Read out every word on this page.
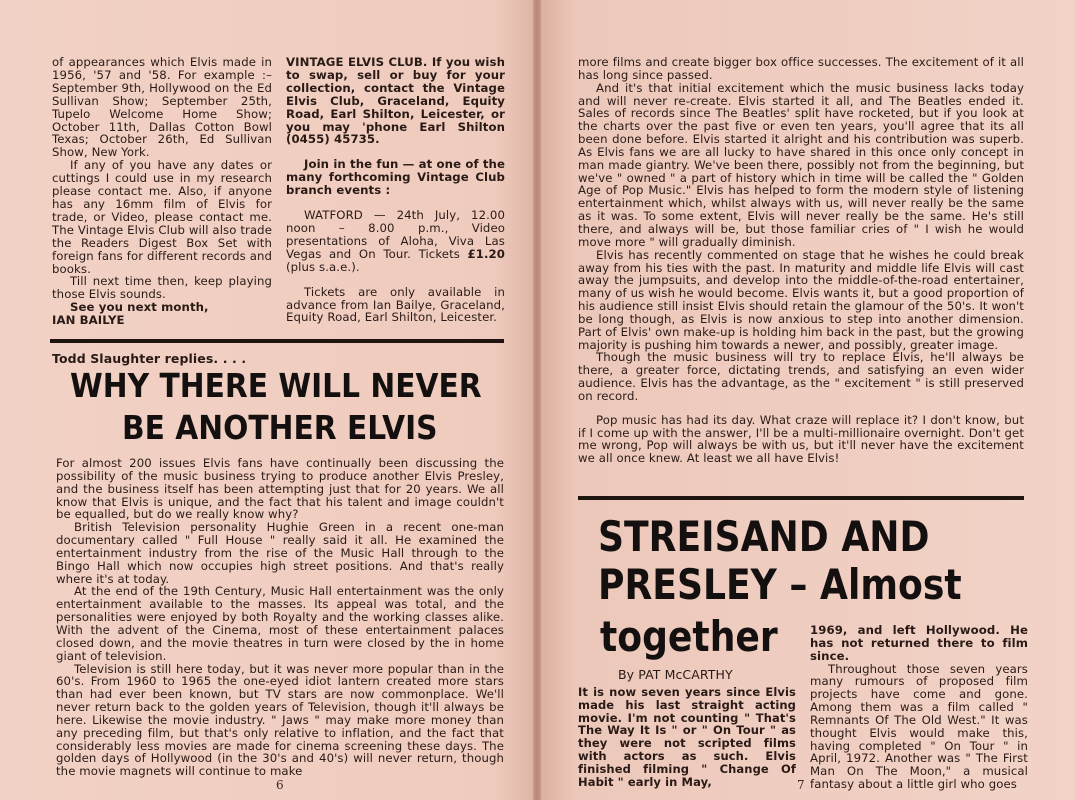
of appearances which Elvis made in 1956, '57 and '58. For example :– September 9th, Hollywood on the Ed Sullivan Show; September 25th, Tupelo Welcome Home Show; October 11th, Dallas Cotton Bowl Texas; October 26th, Ed Sullivan Show, New York.

If any of you have any dates or cuttings I could use in my research please contact me. Also, if anyone has any 16mm film of Elvis for trade, or Video, please contact me. The Vintage Elvis Club will also trade the Readers Digest Box Set with foreign fans for different records and books.

Till next time then, keep playing those Elvis sounds.

See you next month,

IAN BAILYE

VINTAGE ELVIS CLUB. If you wish to swap, sell or buy for your collection, contact the Vintage Elvis Club, Graceland, Equity Road, Earl Shilton, Leicester, or you may 'phone Earl Shilton (0455) 45735.

Join in the fun — at one of the many forthcoming Vintage Club branch events :

WATFORD — 24th July, 12.00 noon – 8.00 p.m., Video presentations of Aloha, Viva Las Vegas and On Tour. Tickets £1.20 (plus s.a.e.).

Tickets are only available in advance from Ian Bailye, Graceland, Equity Road, Earl Shilton, Leicester.

Todd Slaughter replies. . . .
WHY THERE WILL NEVER
BE ANOTHER ELVIS

For almost 200 issues Elvis fans have continually been discussing the possibility of the music business trying to produce another Elvis Presley, and the business itself has been attempting just that for 20 years. We all know that Elvis is unique, and the fact that his talent and image couldn't be equalled, but do we really know why?

British Television personality Hughie Green in a recent one-man documentary called " Full House " really said it all. He examined the entertainment industry from the rise of the Music Hall through to the Bingo Hall which now occupies high street positions. And that's really where it's at today.

At the end of the 19th Century, Music Hall entertainment was the only entertainment available to the masses. Its appeal was total, and the personalities were enjoyed by both Royalty and the working classes alike. With the advent of the Cinema, most of these entertainment palaces closed down, and the movie theatres in turn were closed by the in home giant of television.

Television is still here today, but it was never more popular than in the 60's. From 1960 to 1965 the one-eyed idiot lantern created more stars than had ever been known, but TV stars are now commonplace. We'll never return back to the golden years of Television, though it'll always be here. Likewise the movie industry. " Jaws " may make more money than any preceding film, but that's only relative to inflation, and the fact that considerably less movies are made for cinema screening these days. The golden days of Hollywood (in the 30's and 40's) will never return, though the movie magnets will continue to make

6

more films and create bigger box office successes. The excitement of it all has long since passed.

And it's that initial excitement which the music business lacks today and will never re-create. Elvis started it all, and The Beatles ended it. Sales of records since The Beatles' split have rocketed, but if you look at the charts over the past five or even ten years, you'll agree that its all been done before. Elvis started it alright and his contribution was superb. As Elvis fans we are all lucky to have shared in this once only concept in man made giantry. We've been there, possibly not from the beginning, but we've " owned " a part of history which in time will be called the " Golden Age of Pop Music." Elvis has helped to form the modern style of listening entertainment which, whilst always with us, will never really be the same as it was. To some extent, Elvis will never really be the same. He's still there, and always will be, but those familiar cries of " I wish he would move more " will gradually diminish.

Elvis has recently commented on stage that he wishes he could break away from his ties with the past. In maturity and middle life Elvis will cast away the jumpsuits, and develop into the middle-of-the-road entertainer, many of us wish he would become. Elvis wants it, but a good proportion of his audience still insist Elvis should retain the glamour of the 50's. It won't be long though, as Elvis is now anxious to step into another dimension. Part of Elvis' own make-up is holding him back in the past, but the growing majority is pushing him towards a newer, and possibly, greater image.

Though the music business will try to replace Elvis, he'll always be there, a greater force, dictating trends, and satisfying an even wider audience. Elvis has the advantage, as the " excitement " is still preserved on record.

Pop music has had its day. What craze will replace it? I don't know, but if I come up with the answer, I'll be a multi-millionaire overnight. Don't get me wrong, Pop will always be with us, but it'll never have the excitement we all once knew. At least we all have Elvis!

STREISAND AND
PRESLEY – Almost
together
By PAT McCARTHY
It is now seven years since Elvis made his last straight acting movie. I'm not counting " That's The Way It Is " or " On Tour " as they were not scripted films with actors as such. Elvis finished filming " Change Of Habit " early in May,

1969, and left Hollywood. He has not returned there to film since.

Throughout those seven years many rumours of proposed film projects have come and gone. Among them was a film called " Remnants Of The Old West." It was thought Elvis would make this, having completed " On Tour " in April, 1972. Another was " The First Man On The Moon," a musical fantasy about a little girl who goes

7
